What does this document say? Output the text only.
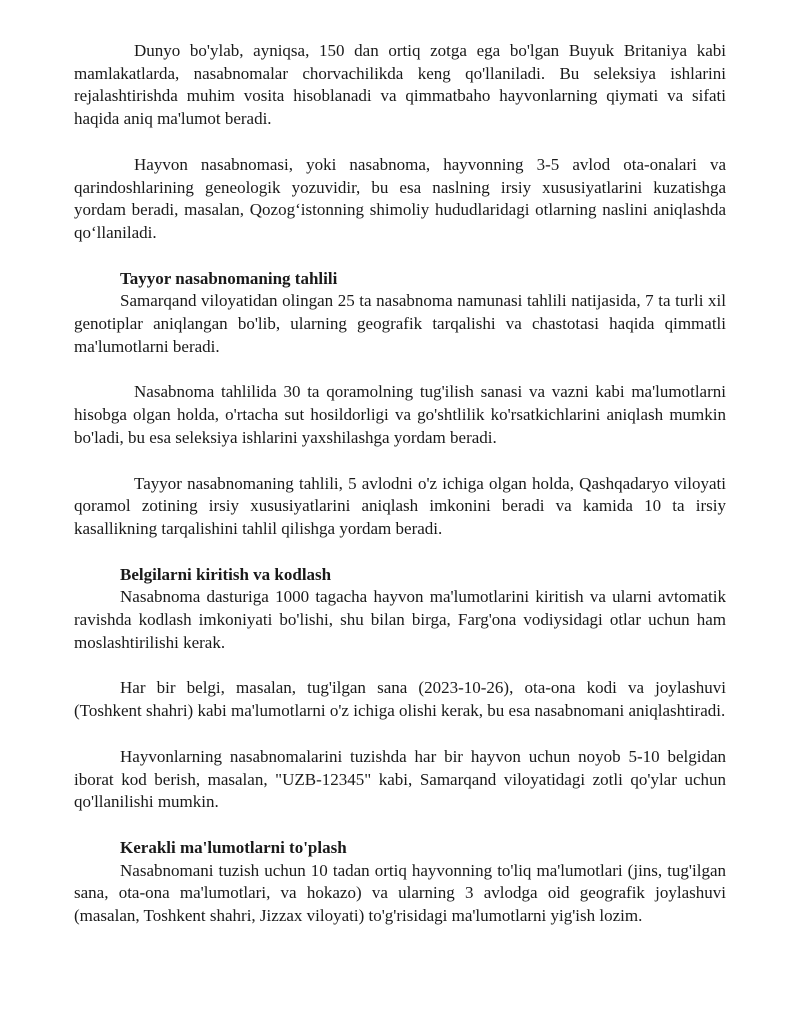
Dunyo bo'ylab, ayniqsa, 150 dan ortiq zotga ega bo'lgan Buyuk Britaniya kabi mamlakatlarda, nasabnomalar chorvachilikda keng qo'llaniladi. Bu seleksiya ishlarini rejalashtirishda muhim vosita hisoblanadi va qimmatbaho hayvonlarning qiymati va sifati haqida aniq ma'lumot beradi.

Hayvon nasabnomasi, yoki nasabnoma, hayvonning 3-5 avlod ota-onalari va qarindoshlarining geneologik yozuvidir, bu esa naslning irsiy xususiyatlarini kuzatishga yordam beradi, masalan, Qozog‘istonning shimoliy hududlaridagi otlarning naslini aniqlashda qo‘llaniladi.

Tayyor nasabnomaning tahlili

Samarqand viloyatidan olingan 25 ta nasabnoma namunasi tahlili natijasida, 7 ta turli xil genotiplar aniqlangan bo'lib, ularning geografik tarqalishi va chastotasi haqida qimmatli ma'lumotlarni beradi.

Nasabnoma tahlilida 30 ta qoramolning tug'ilish sanasi va vazni kabi ma'lumotlarni hisobga olgan holda, o'rtacha sut hosildorligi va go'shtlilik ko'rsatkichlarini aniqlash mumkin bo'ladi, bu esa seleksiya ishlarini yaxshilashga yordam beradi.

Tayyor nasabnomaning tahlili, 5 avlodni o'z ichiga olgan holda, Qashqadaryo viloyati qoramol zotining irsiy xususiyatlarini aniqlash imkonini beradi va kamida 10 ta irsiy kasallikning tarqalishini tahlil qilishga yordam beradi.

Belgilarni kiritish va kodlash

Nasabnoma dasturiga 1000 tagacha hayvon ma'lumotlarini kiritish va ularni avtomatik ravishda kodlash imkoniyati bo'lishi, shu bilan birga, Farg'ona vodiysidagi otlar uchun ham moslashtirilishi kerak.

Har bir belgi, masalan, tug'ilgan sana (2023-10-26), ota-ona kodi va joylashuvi (Toshkent shahri) kabi ma'lumotlarni o'z ichiga olishi kerak, bu esa nasabnomani aniqlashtiradi.

Hayvonlarning nasabnomalarini tuzishda har bir hayvon uchun noyob 5-10 belgidan iborat kod berish, masalan, "UZB-12345" kabi, Samarqand viloyatidagi zotli qo'ylar uchun qo'llanilishi mumkin.

Kerakli ma'lumotlarni to'plash

Nasabnomani tuzish uchun 10 tadan ortiq hayvonning to'liq ma'lumotlari (jins, tug'ilgan sana, ota-ona ma'lumotlari, va hokazo) va ularning 3 avlodga oid geografik joylashuvi (masalan, Toshkent shahri, Jizzax viloyati) to'g'risidagi ma'lumotlarni yig'ish lozim.
